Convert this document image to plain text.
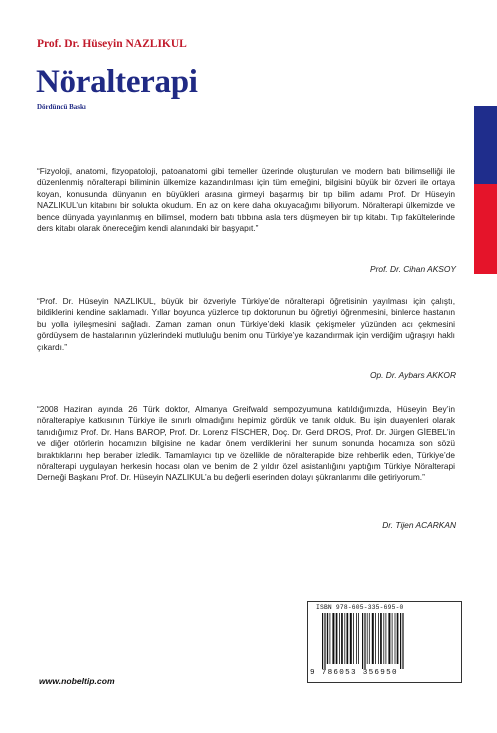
Prof. Dr. Hüseyin NAZLIKUL
Nöralterapi
Dördüncü Baskı
“Fizyoloji, anatomi, fizyopatoloji, patoanatomi gibi temeller üzerinde oluşturulan ve modern batı bilimselliği ile düzenlenmiş nöralterapi biliminin ülkemize kazandırılması için tüm emeğini, bilgisini büyük bir özveri ile ortaya koyan, konusunda dünyanın en büyükleri arasına girmeyi başarmış bir tıp bilim adamı Prof. Dr Hüseyin NAZLIKUL’un kitabını bir solukta okudum. En az on kere daha okuyacağımı biliyorum. Nöralterapi ülkemizde ve bence dünyada yayınlanmış en bilimsel, modern batı tıbbına asla ters düşmeyen bir tıp kitabı. Tıp fakültelerinde ders kitabı olarak önereceğim kendi alanındaki bir başyapıt.”
Prof. Dr. Cihan AKSOY
“Prof. Dr. Hüseyin NAZLIKUL, büyük bir özveriyle Türkiye’de nöralterapi öğretisinin yayılması için çalıştı, bildiklerini kendine saklamadı. Yıllar boyunca yüzlerce tıp doktorunun bu öğretiyi öğrenmesini, binlerce hastanın bu yolla iyileşmesini sağladı. Zaman zaman onun Türkiye’deki klasik çekişmeler yüzünden acı çekmesini gördüysem de hastalarının yüzlerindeki mutluluğu benim onu Türkiye’ye kazandırmak için verdiğim uğraşıyı haklı çıkardı.”
Op. Dr. Aybars AKKOR
“2008 Haziran ayında 26 Türk doktor, Almanya Greifwald sempozyumuna katıldığımızda, Hüseyin Bey’in nöralterapiye katkısının Türkiye ile sınırlı olmadığını hepimiz gördük ve tanık olduk. Bu işin duayenleri olarak tanıdığımız Prof. Dr. Hans BAROP, Prof. Dr. Lorenz FİSCHER, Doç. Dr. Gerd DROS, Prof. Dr. Jürgen GİEBEL’in ve diğer otörlerin hocamızın bilgisine ne kadar önem verdiklerini her sunum sonunda hocamıza son sözü bıraktıklarını hep beraber izledik. Tamamlayıcı tıp ve özellikle de nöralterapide bize rehberlik eden, Türkiye’de nöralterapi uygulayan herkesin hocası olan ve benim de 2 yıldır özel asistanlığını yaptığım Türkiye Nöralterapi Derneği Başkanı Prof. Dr. Hüseyin NAZLIKUL’a bu değerli eserinden dolayı şükranlarımı dile getiriyorum.”
Dr. Tijen ACARKAN
ISBN 978-605-335-695-0
9 786053 356950
www.nobeltip.com
